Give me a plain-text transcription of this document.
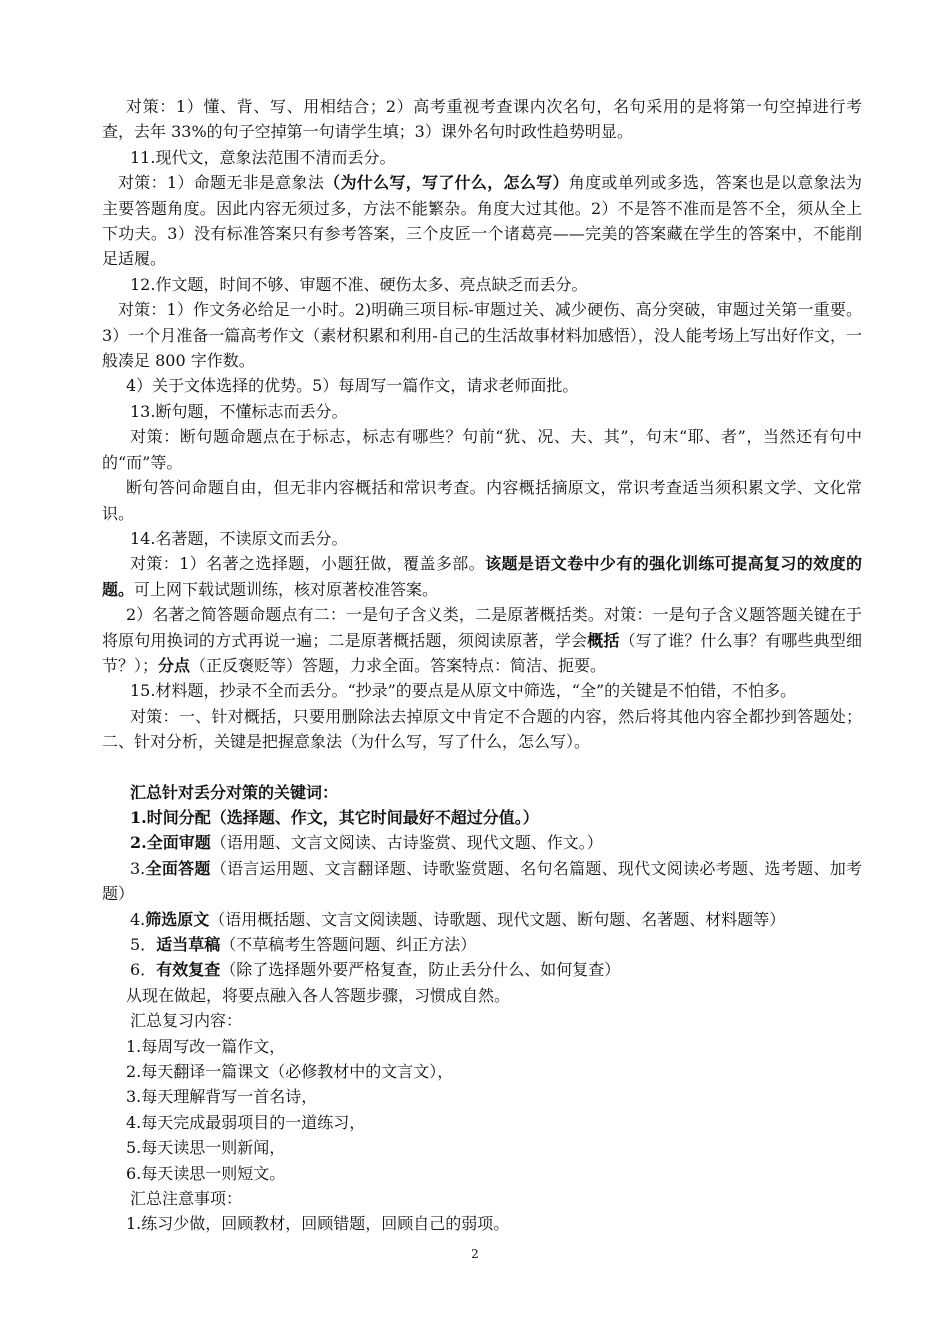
对策：1）懂、背、写、用相结合；2）高考重视考查课内次名句，名句采用的是将第一句空掉进行考查，去年 33%的句子空掉第一句请学生填；3）课外名句时政性趋势明显。

11.现代文，意象法范围不清而丢分。

对策：1）命题无非是意象法（为什么写，写了什么，怎么写）角度或单列或多选，答案也是以意象法为主要答题角度。因此内容无须过多，方法不能繁杂。角度大过其他。2）不是答不准而是答不全，须从全上下功夫。3）没有标准答案只有参考答案，三个皮匠一个诸葛亮——完美的答案藏在学生的答案中，不能削足适履。

12.作文题，时间不够、审题不准、硬伤太多、亮点缺乏而丢分。

对策：1）作文务必给足一小时。2)明确三项目标-审题过关、减少硬伤、高分突破，审题过关第一重要。3）一个月准备一篇高考作文（素材积累和利用-自己的生活故事材料加感悟），没人能考场上写出好作文，一般凑足 800 字作数。

4）关于文体选择的优势。5）每周写一篇作文，请求老师面批。

13.断句题，不懂标志而丢分。

对策：断句题命题点在于标志，标志有哪些？句前“犹、况、夫、其”，句末“耶、者”，当然还有句中的“而”等。

断句答问命题自由，但无非内容概括和常识考查。内容概括摘原文，常识考查适当须积累文学、文化常识。

14.名著题，不读原文而丢分。

对策：1）名著之选择题，小题狂做，覆盖多部。该题是语文卷中少有的强化训练可提高复习的效度的题。可上网下载试题训练，核对原著校准答案。

2）名著之简答题命题点有二：一是句子含义类，二是原著概括类。对策：一是句子含义题答题关键在于将原句用换词的方式再说一遍；二是原著概括题，须阅读原著，学会概括（写了谁？什么事？有哪些典型细节？）；分点（正反褒贬等）答题，力求全面。答案特点：简洁、扼要。

15.材料题，抄录不全而丢分。“抄录”的要点是从原文中筛选，“全”的关键是不怕错，不怕多。

对策：一、针对概括，只要用删除法去掉原文中肯定不合题的内容，然后将其他内容全都抄到答题处；二、针对分析，关键是把握意象法（为什么写，写了什么，怎么写）。

汇总针对丢分对策的关键词：

1.时间分配（选择题、作文，其它时间最好不超过分值。）

2.全面审题（语用题、文言文阅读、古诗鉴赏、现代文题、作文。）

3.全面答题（语言运用题、文言翻译题、诗歌鉴赏题、名句名篇题、现代文阅读必考题、选考题、加考题）

4.筛选原文（语用概括题、文言文阅读题、诗歌题、现代文题、断句题、名著题、材料题等）

5．适当草稿（不草稿考生答题问题、纠正方法）

6．有效复查（除了选择题外要严格复查，防止丢分什么、如何复查）

从现在做起，将要点融入各人答题步骤，习惯成自然。

汇总复习内容：

1.每周写改一篇作文，

2.每天翻译一篇课文（必修教材中的文言文），

3.每天理解背写一首名诗，

4.每天完成最弱项目的一道练习，

5.每天读思一则新闻，

6.每天读思一则短文。

汇总注意事项：

1.练习少做，回顾教材，回顾错题，回顾自己的弱项。

2
